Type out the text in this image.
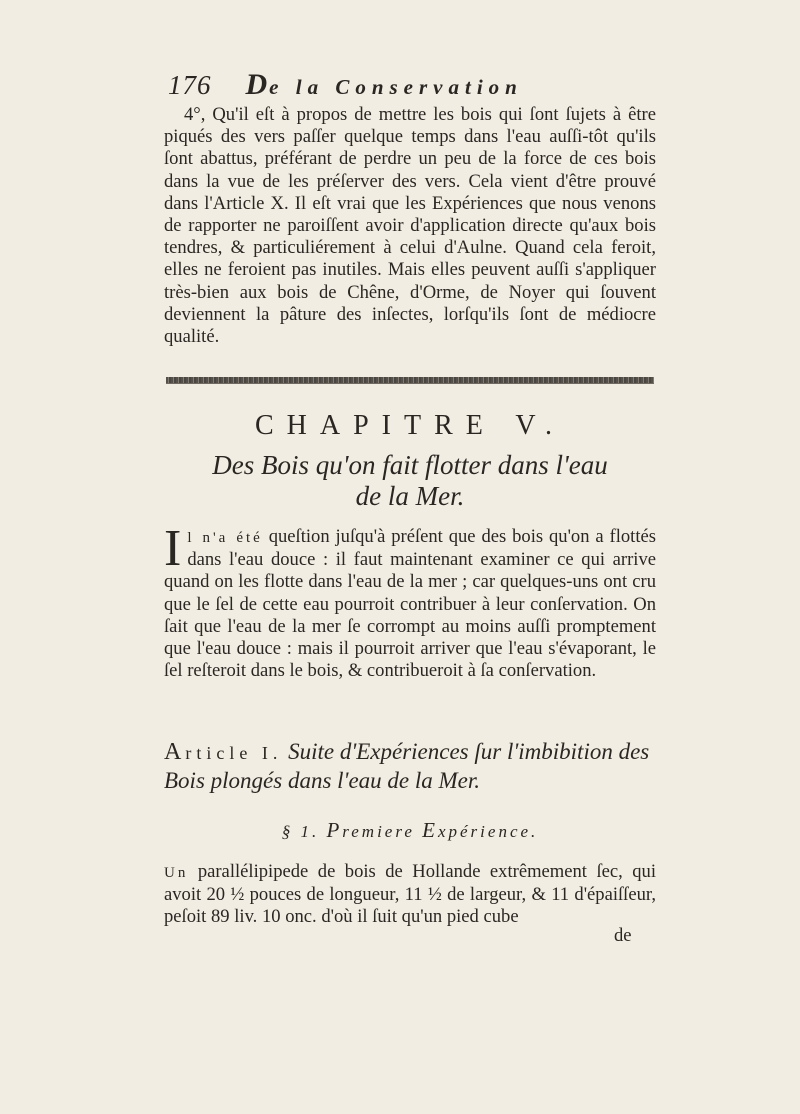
176 De la Conservation
4°, Qu'il eſt à propos de mettre les bois qui ſont ſujets à être piqués des vers paſſer quelque temps dans l'eau auſſi-tôt qu'ils ſont abattus, préférant de perdre un peu de la force de ces bois dans la vue de les préſerver des vers. Cela vient d'être prouvé dans l'Article X. Il eſt vrai que les Expériences que nous venons de rapporter ne paroiſſent avoir d'application directe qu'aux bois tendres, & particuliérement à celui d'Aulne. Quand cela feroit, elles ne feroient pas inutiles. Mais elles peuvent auſſi s'appliquer très-bien aux bois de Chêne, d'Orme, de Noyer qui ſouvent deviennent la pâture des inſectes, lorſqu'ils ſont de médiocre qualité.
CHAPITRE V.
Des Bois qu'on fait flotter dans l'eau
de la Mer.
Il n'a été queſtion juſqu'à préſent que des bois qu'on a flottés dans l'eau douce : il faut maintenant examiner ce qui arrive quand on les flotte dans l'eau de la mer ; car quelques-uns ont cru que le ſel de cette eau pourroit contribuer à leur conſervation. On ſait que l'eau de la mer ſe corrompt au moins auſſi promptement que l'eau douce : mais il pourroit arriver que l'eau s'évaporant, le ſel reſteroit dans le bois, & contribueroit à ſa conſervation.
Article I. Suite d'Expériences ſur l'imbibition des Bois plongés dans l'eau de la Mer.
§ 1. Premiere Expérience.
Un parallélipipede de bois de Hollande extrêmement ſec, qui avoit 20 ½ pouces de longueur, 11 ½ de largeur, & 11 d'épaiſſeur, peſoit 89 liv. 10 onc. d'où il ſuit qu'un pied cube
de
